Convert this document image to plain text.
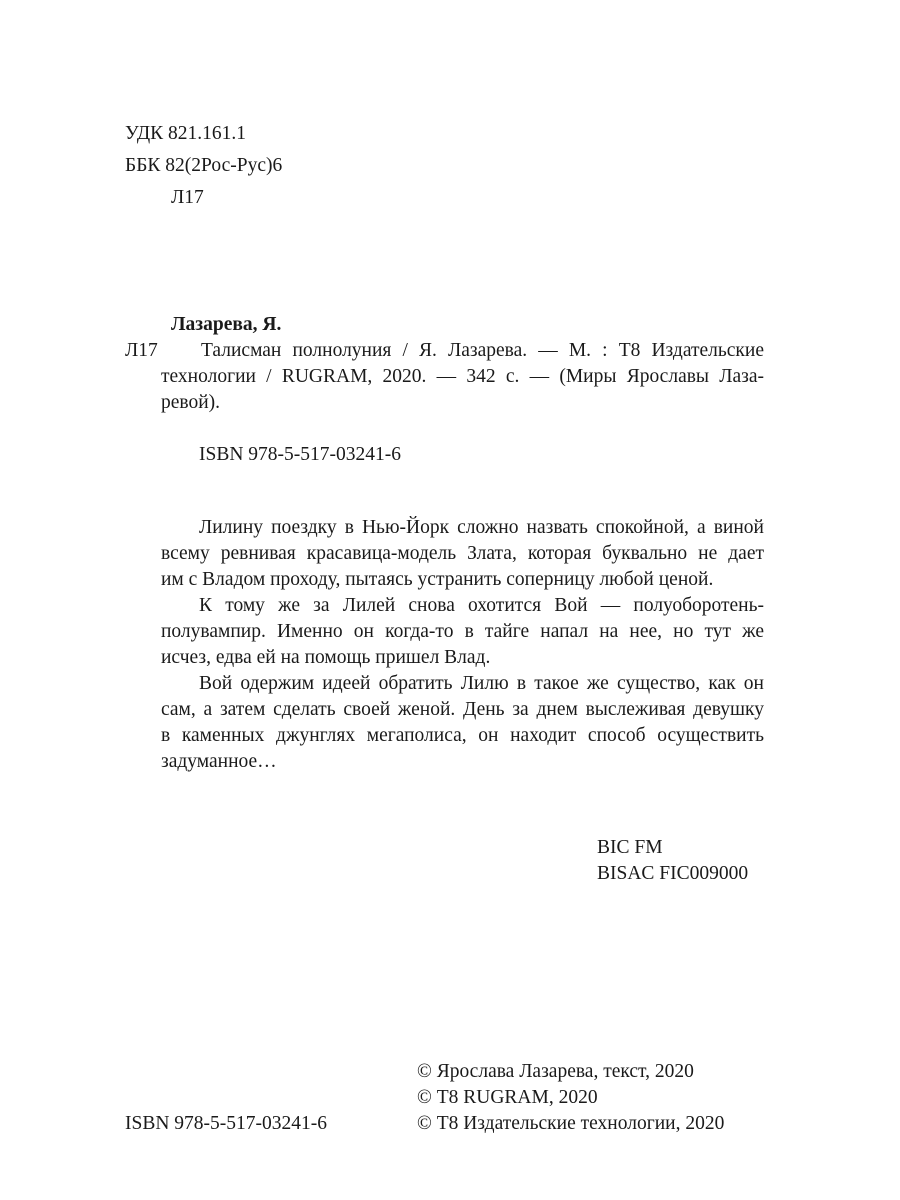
УДК 821.161.1
ББК 82(2Рос-Рус)6
Л17
Лазарева, Я.
Л17	Талисман полнолуния / Я. Лазарева. — М. : Т8 Издательские
технологии / RUGRAM, 2020. — 342 с. — (Миры Ярославы Лаза-
ревой).
ISBN 978-5-517-03241-6
Лилину поездку в Нью-Йорк сложно назвать спокойной, а виной
всему ревнивая красавица-модель Злата, которая буквально не дает
им с Владом проходу, пытаясь устранить соперницу любой ценой.
К тому же за Лилей снова охотится Вой — полуоборотень-
полувампир. Именно он когда-то в тайге напал на нее, но тут же
исчез, едва ей на помощь пришел Влад.
Вой одержим идеей обратить Лилю в такое же существо, как он
сам, а затем сделать своей женой. День за днем выслеживая девушку
в каменных джунглях мегаполиса, он находит способ осуществить
задуманное…
BIC FM
BISAC FIC009000
© Ярослава Лазарева, текст, 2020
© Т8 RUGRAM, 2020
© Т8 Издательские технологии, 2020
ISBN 978-5-517-03241-6
